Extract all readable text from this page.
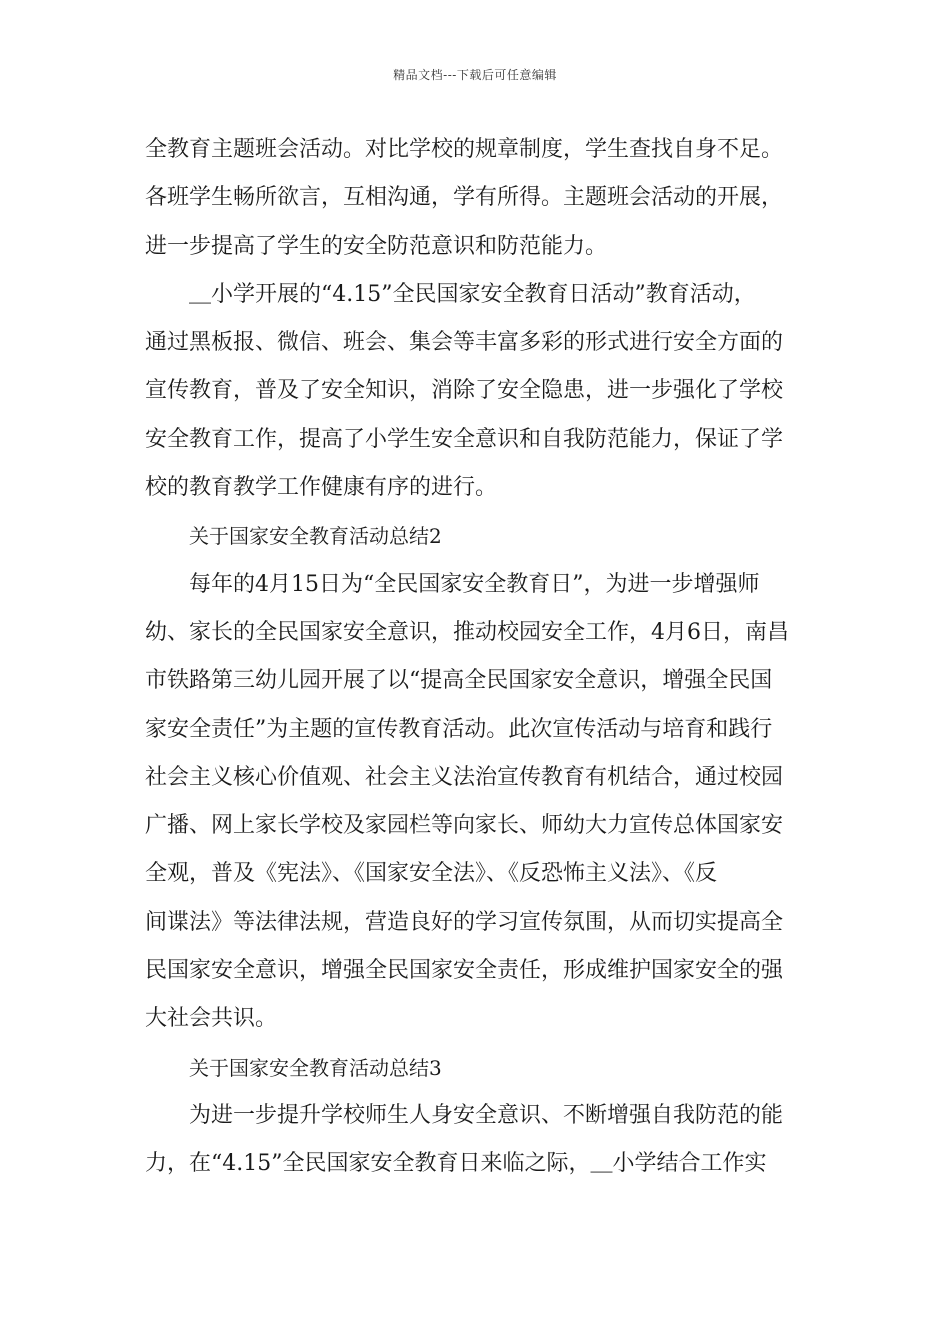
精品文档---下载后可任意编辑

全教育主题班会活动。对比学校的规章制度，学生查找自身不足。
各班学生畅所欲言，互相沟通，学有所得。主题班会活动的开展，
进一步提高了学生的安全防范意识和防范能力。

＿小学开展的“4.15”全民国家安全教育日活动”教育活动，
通过黑板报、微信、班会、集会等丰富多彩的形式进行安全方面的
宣传教育，普及了安全知识，消除了安全隐患，进一步强化了学校
安全教育工作，提高了小学生安全意识和自我防范能力，保证了学
校的教育教学工作健康有序的进行。

关于国家安全教育活动总结2

每年的4月15日为“全民国家安全教育日”，为进一步增强师
幼、家长的全民国家安全意识，推动校园安全工作，4月6日，南昌
市铁路第三幼儿园开展了以“提高全民国家安全意识，增强全民国
家安全责任”为主题的宣传教育活动。此次宣传活动与培育和践行
社会主义核心价值观、社会主义法治宣传教育有机结合，通过校园
广播、网上家长学校及家园栏等向家长、师幼大力宣传总体国家安
全观，普及《宪法》、《国家安全法》、《反恐怖主义法》、《反
间谍法》等法律法规，营造良好的学习宣传氛围，从而切实提高全
民国家安全意识，增强全民国家安全责任，形成维护国家安全的强
大社会共识。

关于国家安全教育活动总结3

为进一步提升学校师生人身安全意识、不断增强自我防范的能
力，在“4.15”全民国家安全教育日来临之际，＿小学结合工作实
